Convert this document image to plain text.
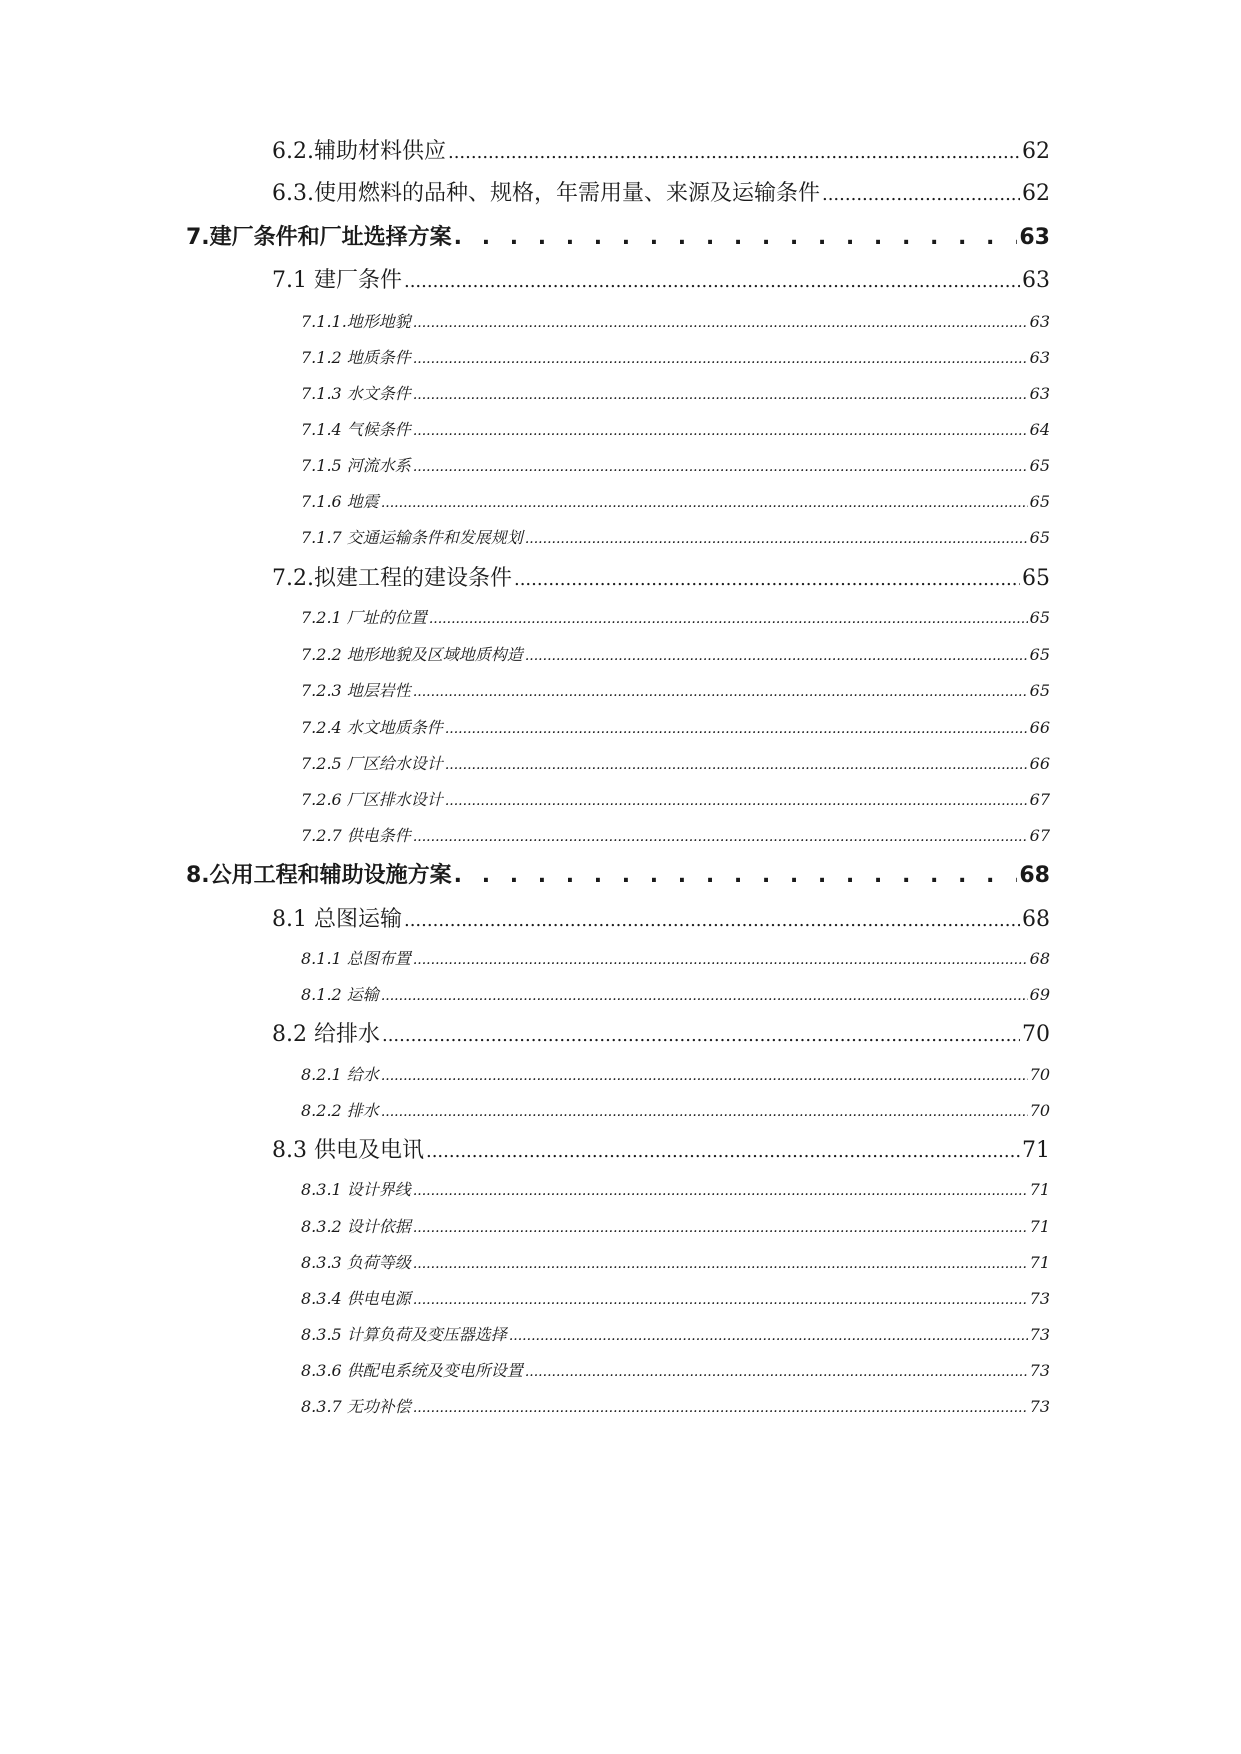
6.2.辅助材料供应 .....	62
6.3.使用燃料的品种、规格，年需用量、来源及运输条件 .....	62
7.建厂条件和厂址选择方案 . . .	63
7.1 建厂条件 .....	63
7.1.1.地形地貌 .....	63
7.1.2 地质条件 .....	63
7.1.3 水文条件 .....	63
7.1.4 气候条件 .....	64
7.1.5 河流水系 .....	65
7.1.6 地震 .....	65
7.1.7 交通运输条件和发展规划 .....	65
7.2.拟建工程的建设条件 .....	65
7.2.1 厂址的位置 .....	65
7.2.2 地形地貌及区域地质构造 .....	65
7.2.3 地层岩性 .....	65
7.2.4 水文地质条件 .....	66
7.2.5 厂区给水设计 .....	66
7.2.6 厂区排水设计 .....	67
7.2.7 供电条件 .....	67
8.公用工程和辅助设施方案 . . .	68
8.1 总图运输 .....	68
8.1.1 总图布置 .....	68
8.1.2 运输 .....	69
8.2 给排水 .....	70
8.2.1 给水 .....	70
8.2.2 排水 .....	70
8.3 供电及电讯 .....	71
8.3.1 设计界线 .....	71
8.3.2 设计依据 .....	71
8.3.3 负荷等级 .....	71
8.3.4 供电电源 .....	73
8.3.5 计算负荷及变压器选择 .....	73
8.3.6 供配电系统及变电所设置 .....	73
8.3.7 无功补偿 .....	73
